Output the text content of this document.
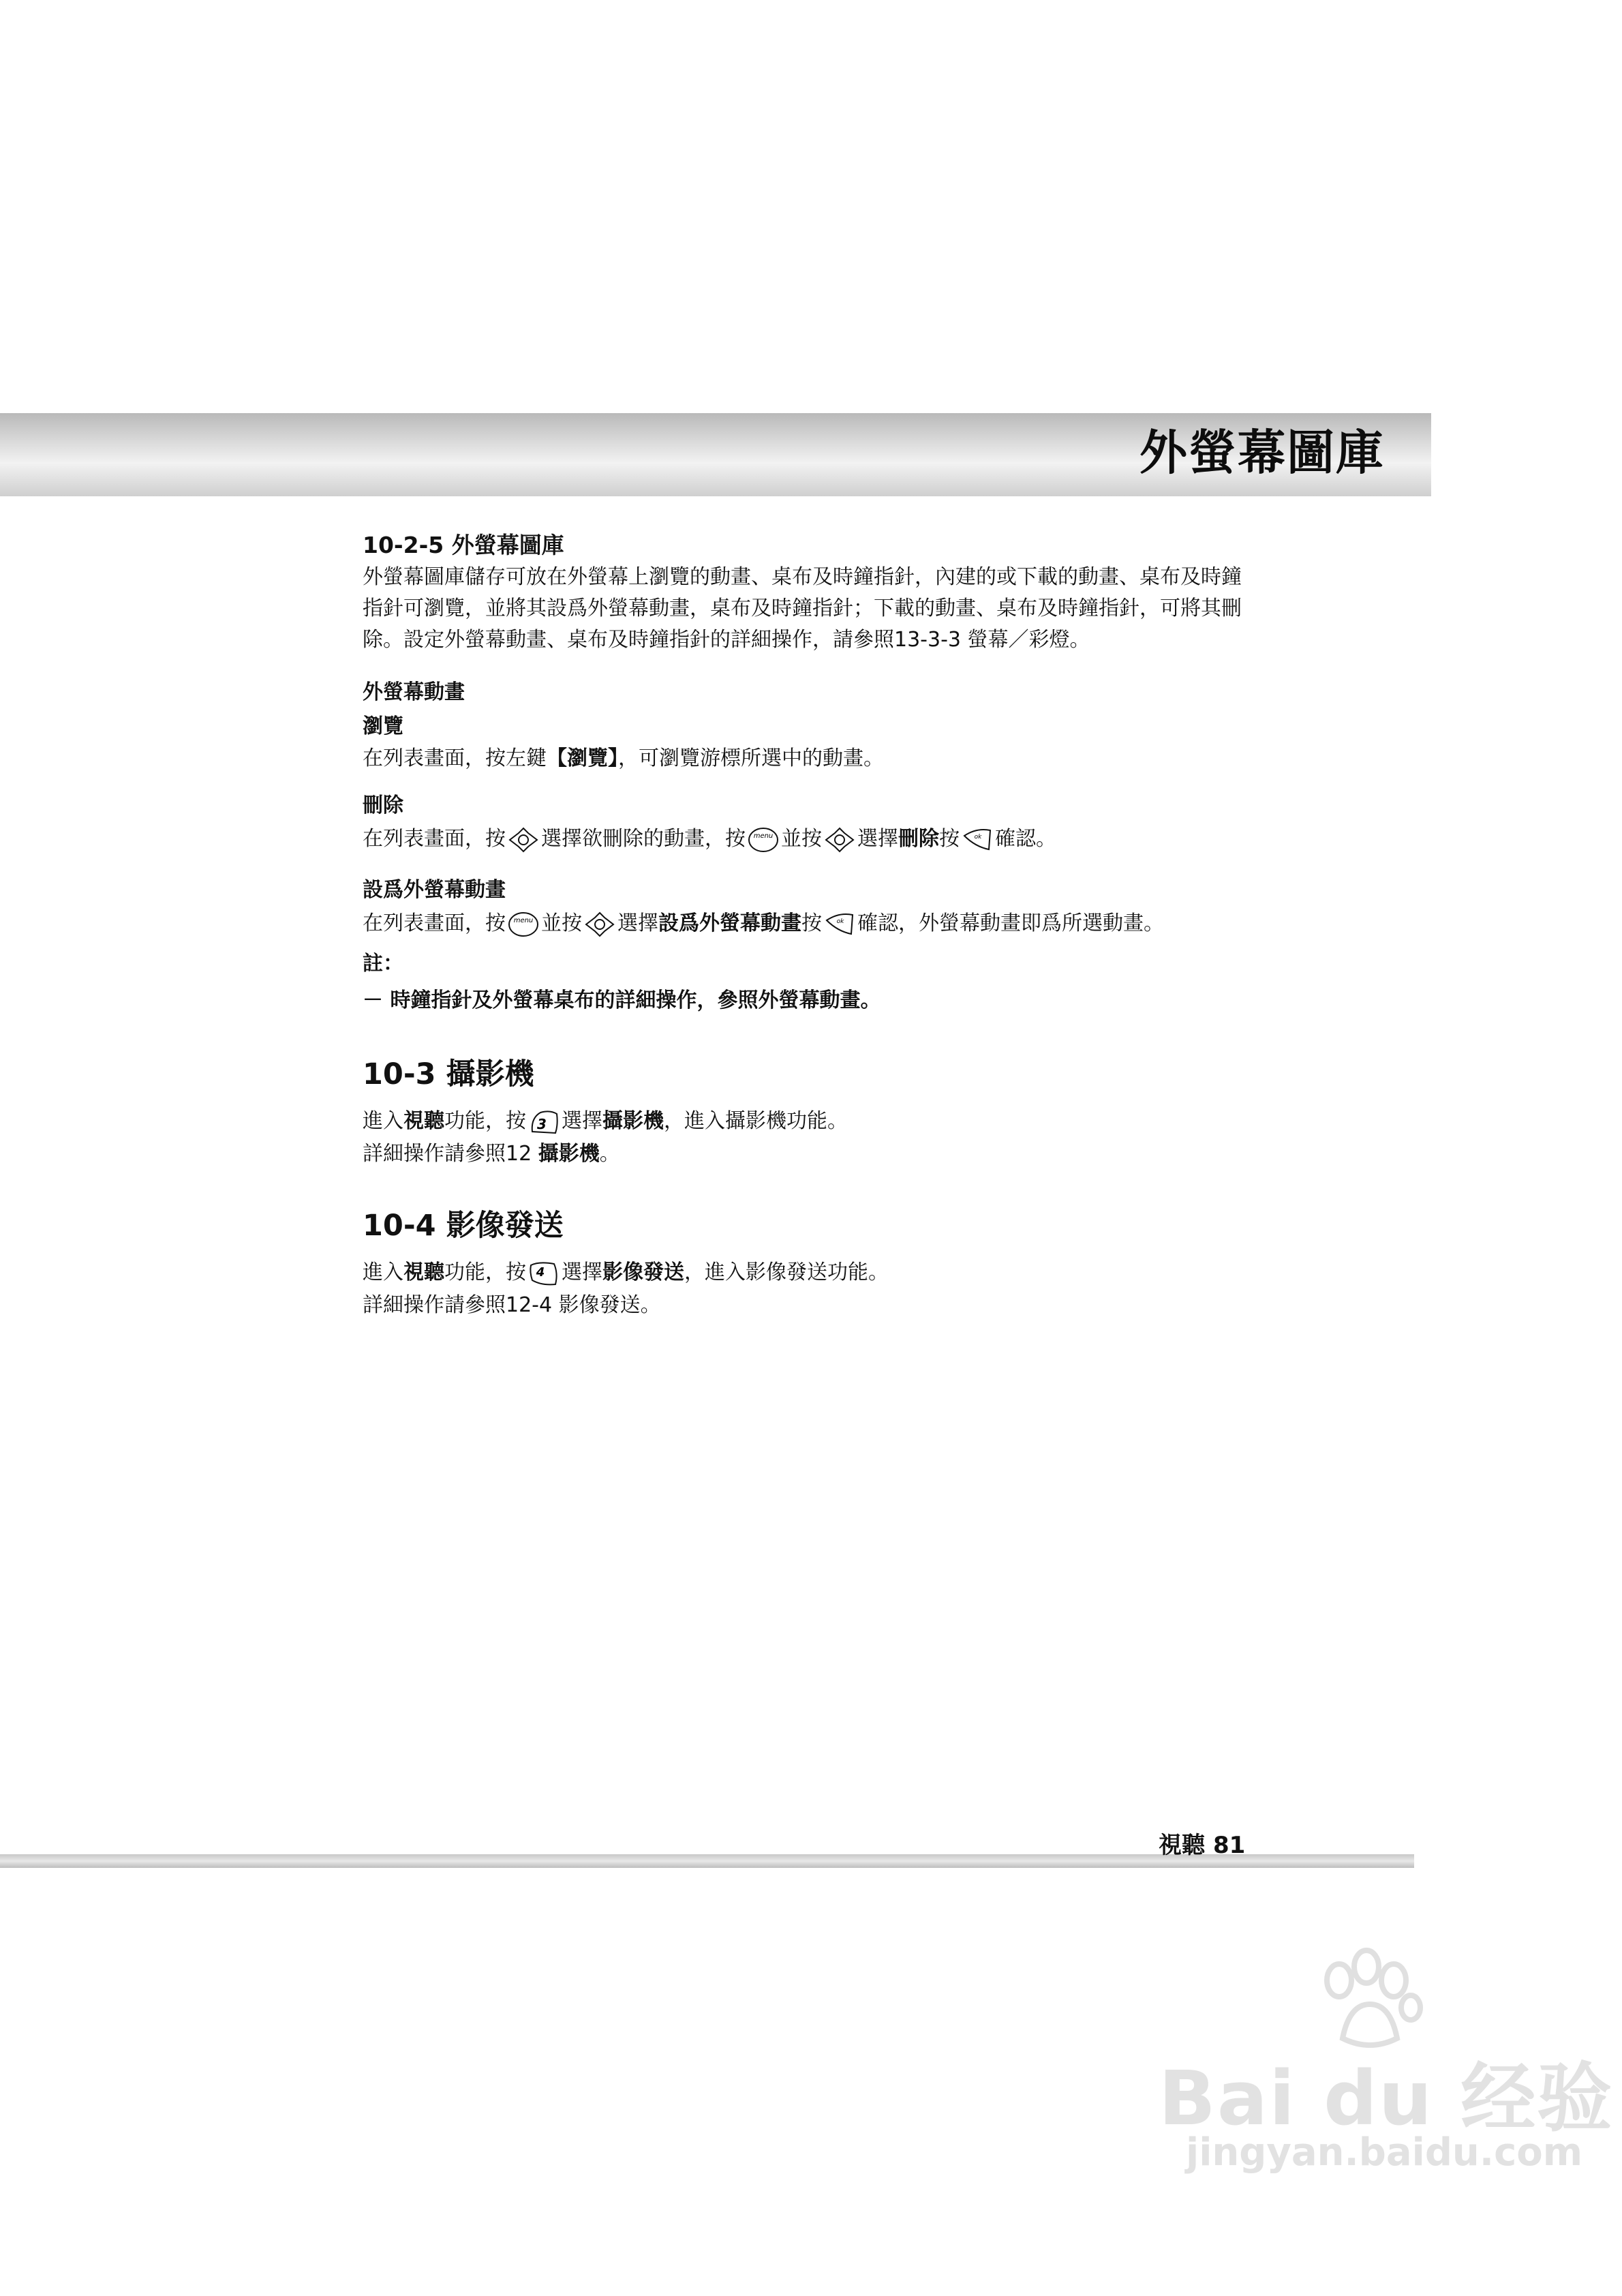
外螢幕圖庫
10-2-5 外螢幕圖庫
外螢幕圖庫儲存可放在外螢幕上瀏覽的動畫、桌布及時鐘指針，內建的或下載的動畫、桌布及時鐘
指針可瀏覽，並將其設爲外螢幕動畫，桌布及時鐘指針；下載的動畫、桌布及時鐘指針，可將其刪
除。設定外螢幕動畫、桌布及時鐘指針的詳細操作，請參照13-3-3 螢幕／彩燈。
外螢幕動畫
瀏覽
在列表畫面，按左鍵【瀏覽】，可瀏覽游標所選中的動畫。
刪除
在列表畫面，按 選擇欲刪除的動畫，按 menu 並按 選擇刪除按 ok 確認。
設爲外螢幕動畫
在列表畫面，按 menu 並按 選擇設爲外螢幕動畫按 ok 確認，外螢幕動畫即爲所選動畫。
註：
－ 時鐘指針及外螢幕桌布的詳細操作，參照外螢幕動畫。
10-3 攝影機
進入視聽功能，按 3 選擇攝影機，進入攝影機功能。
詳細操作請參照12 攝影機。
10-4 影像發送
進入視聽功能，按 4 選擇影像發送，進入影像發送功能。
詳細操作請參照12-4 影像發送。
視聽 81
Bai du 经验
jingyan.baidu.com
